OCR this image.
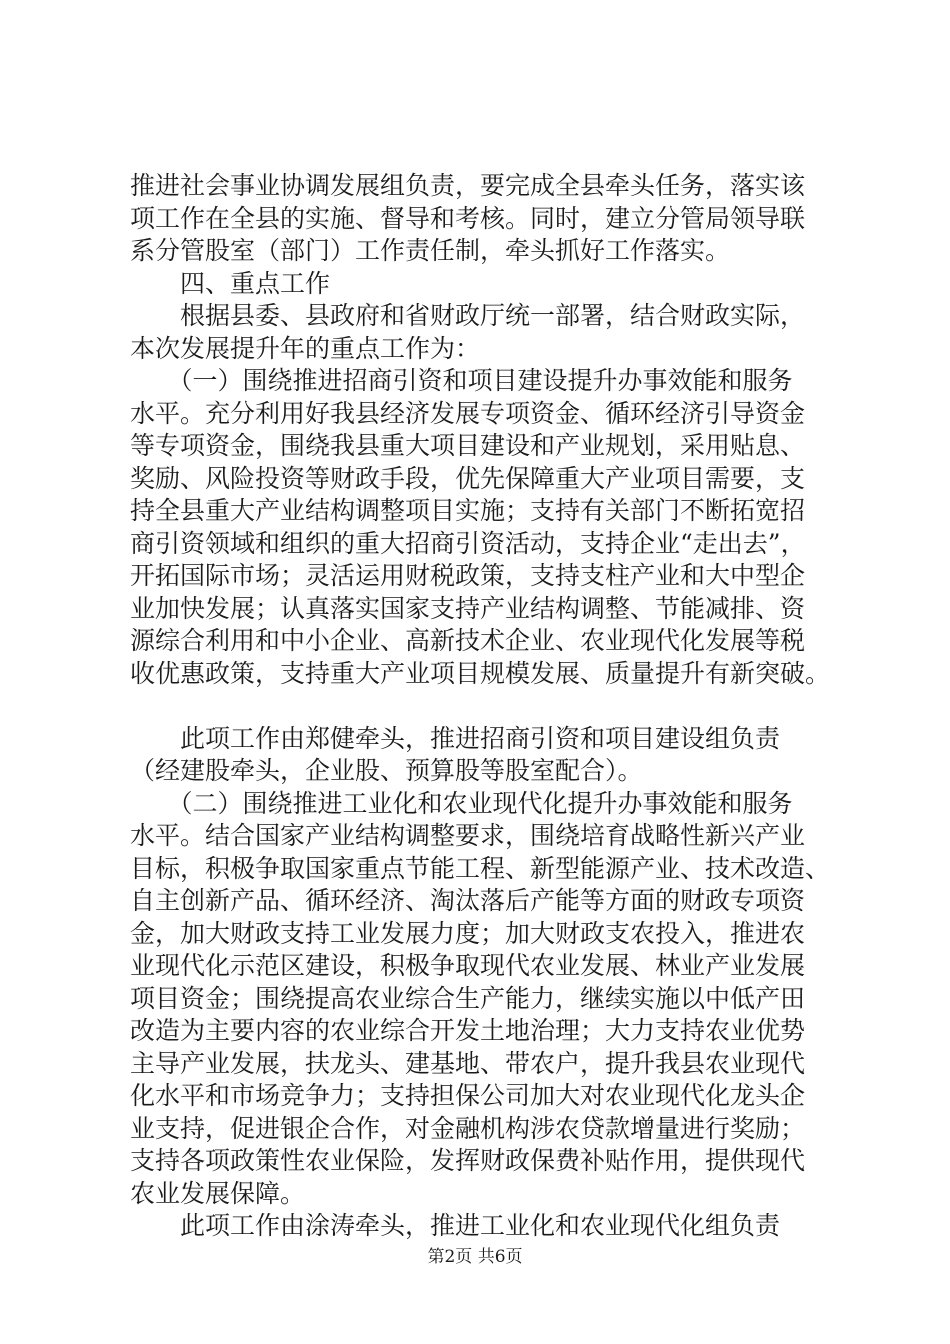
推进社会事业协调发展组负责，要完成全县牵头任务，落实该
项工作在全县的实施、督导和考核。同时，建立分管局领导联
系分管股室（部门）工作责任制，牵头抓好工作落实。
　　四、重点工作
　　根据县委、县政府和省财政厅统一部署，结合财政实际，
本次发展提升年的重点工作为：
　　（一）围绕推进招商引资和项目建设提升办事效能和服务
水平。充分利用好我县经济发展专项资金、循环经济引导资金
等专项资金，围绕我县重大项目建设和产业规划，采用贴息、
奖励、风险投资等财政手段，优先保障重大产业项目需要，支
持全县重大产业结构调整项目实施；支持有关部门不断拓宽招
商引资领域和组织的重大招商引资活动，支持企业“走出去”，
开拓国际市场；灵活运用财税政策，支持支柱产业和大中型企
业加快发展；认真落实国家支持产业结构调整、节能减排、资
源综合利用和中小企业、高新技术企业、农业现代化发展等税
收优惠政策，支持重大产业项目规模发展、质量提升有新突破。
　　此项工作由郑健牵头，推进招商引资和项目建设组负责
（经建股牵头，企业股、预算股等股室配合）。
　　（二）围绕推进工业化和农业现代化提升办事效能和服务
水平。结合国家产业结构调整要求，围绕培育战略性新兴产业
目标，积极争取国家重点节能工程、新型能源产业、技术改造、
自主创新产品、循环经济、淘汰落后产能等方面的财政专项资
金，加大财政支持工业发展力度；加大财政支农投入，推进农
业现代化示范区建设，积极争取现代农业发展、林业产业发展
项目资金；围绕提高农业综合生产能力，继续实施以中低产田
改造为主要内容的农业综合开发土地治理；大力支持农业优势
主导产业发展，扶龙头、建基地、带农户，提升我县农业现代
化水平和市场竞争力；支持担保公司加大对农业现代化龙头企
业支持，促进银企合作，对金融机构涉农贷款增量进行奖励；
支持各项政策性农业保险，发挥财政保费补贴作用，提供现代
农业发展保障。
　　此项工作由涂涛牵头，推进工业化和农业现代化组负责
第2页 共6页
